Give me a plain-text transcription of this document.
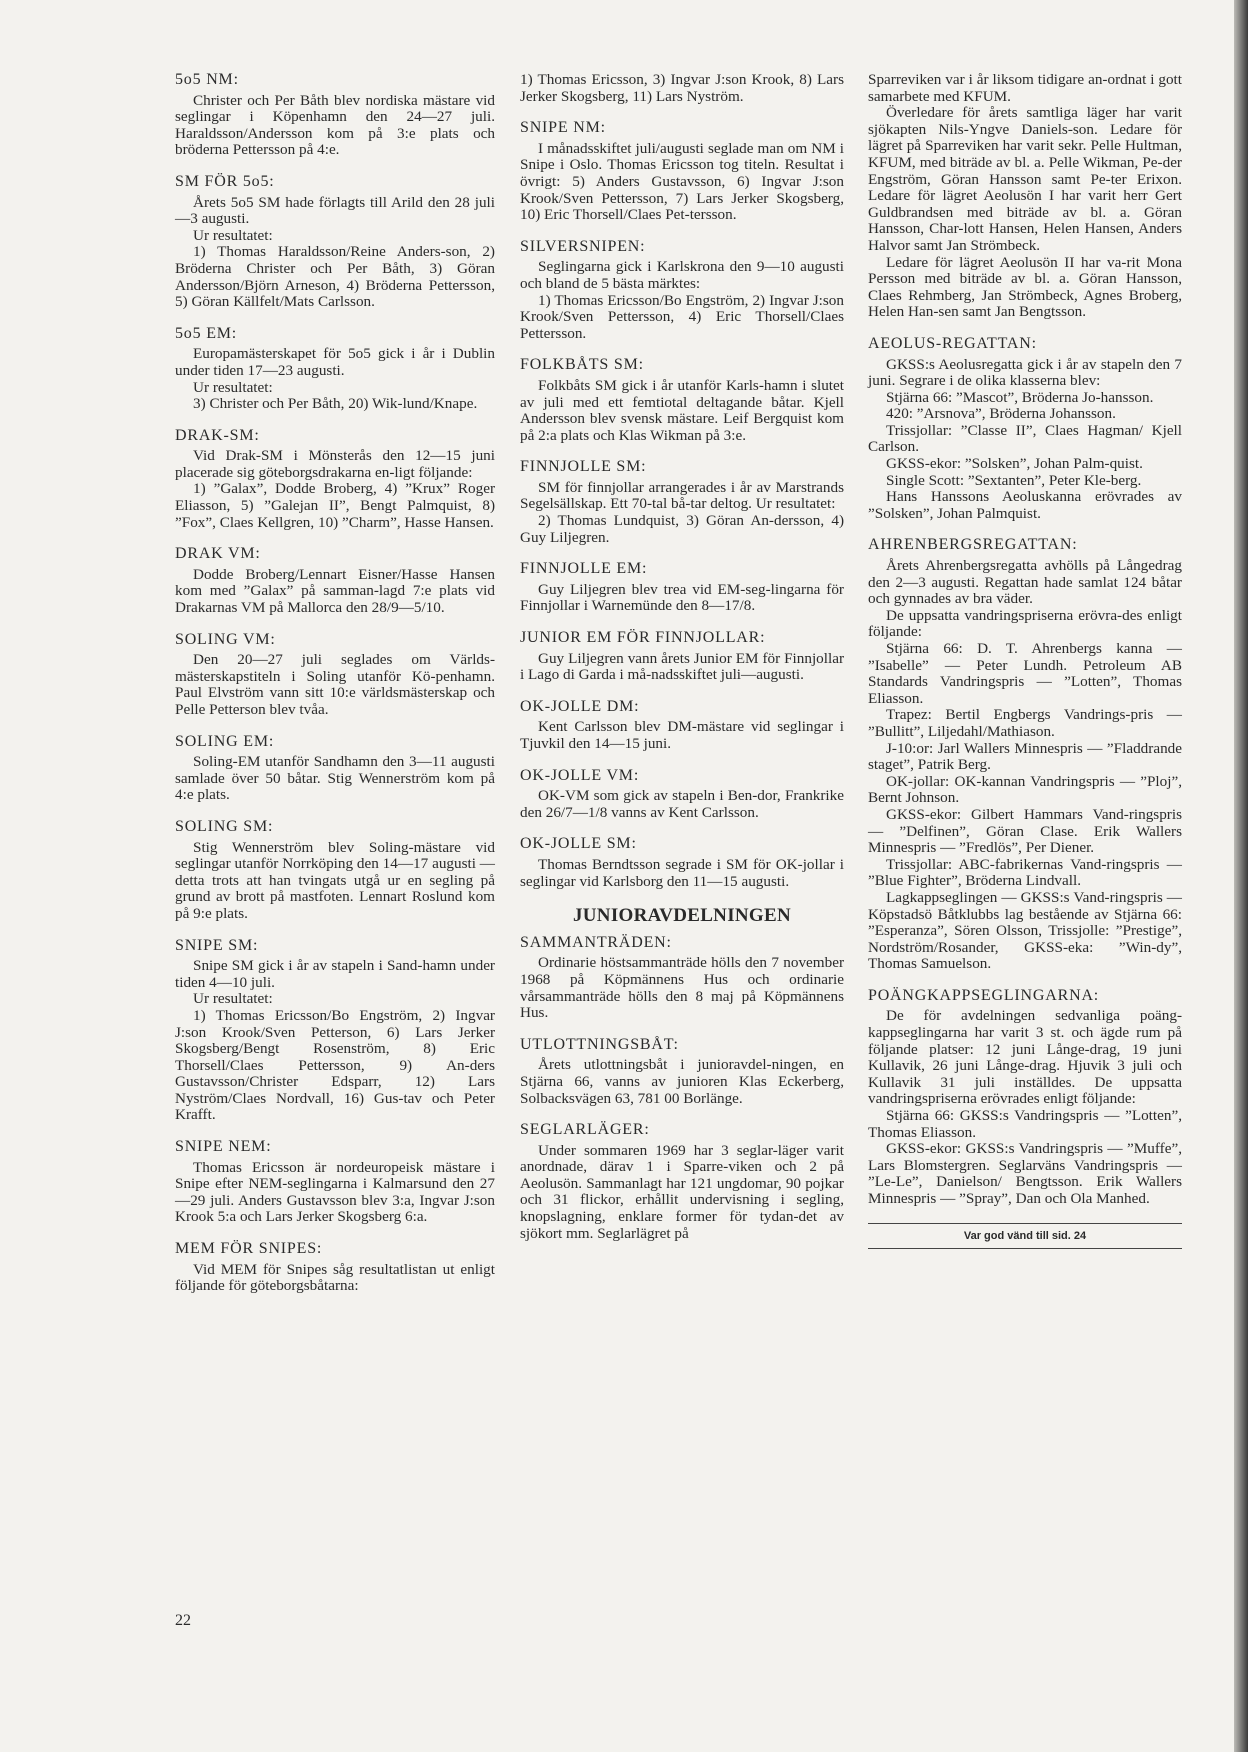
5o5 NM:

Christer och Per Båth blev nordiska mästare vid seglingar i Köpenhamn den 24—27 juli. Haraldsson/Andersson kom på 3:e plats och bröderna Pettersson på 4:e.

SM FÖR 5o5:

Årets 5o5 SM hade förlagts till Arild den 28 juli—3 augusti.

Ur resultatet:

1) Thomas Haraldsson/Reine Anders-son, 2) Bröderna Christer och Per Båth, 3) Göran Andersson/Björn Arneson, 4) Bröderna Pettersson, 5) Göran Källfelt/Mats Carlsson.

5o5 EM:

Europamästerskapet för 5o5 gick i år i Dublin under tiden 17—23 augusti.

Ur resultatet:

3) Christer och Per Båth, 20) Wik-lund/Knape.

DRAK-SM:

Vid Drak-SM i Mönsterås den 12—15 juni placerade sig göteborgsdrakarna en-ligt följande:

1) ”Galax”, Dodde Broberg, 4) ”Krux” Roger Eliasson, 5) ”Galejan II”, Bengt Palmquist, 8) ”Fox”, Claes Kellgren, 10) ”Charm”, Hasse Hansen.

DRAK VM:

Dodde Broberg/Lennart Eisner/Hasse Hansen kom med ”Galax” på samman-lagd 7:e plats vid Drakarnas VM på Mallorca den 28/9—5/10.

SOLING VM:

Den 20—27 juli seglades om Världs-mästerskapstiteln i Soling utanför Kö-penhamn. Paul Elvström vann sitt 10:e världsmästerskap och Pelle Petterson blev tvåa.

SOLING EM:

Soling-EM utanför Sandhamn den 3—11 augusti samlade över 50 båtar. Stig Wennerström kom på 4:e plats.

SOLING SM:

Stig Wennerström blev Soling-mästare vid seglingar utanför Norrköping den 14—17 augusti — detta trots att han tvingats utgå ur en segling på grund av brott på mastfoten. Lennart Roslund kom på 9:e plats.

SNIPE SM:

Snipe SM gick i år av stapeln i Sand-hamn under tiden 4—10 juli.

Ur resultatet:

1) Thomas Ericsson/Bo Engström, 2) Ingvar J:son Krook/Sven Petterson, 6) Lars Jerker Skogsberg/Bengt Rosenström, 8) Eric Thorsell/Claes Pettersson, 9) An-ders Gustavsson/Christer Edsparr, 12) Lars Nyström/Claes Nordvall, 16) Gus-tav och Peter Krafft.

SNIPE NEM:

Thomas Ericsson är nordeuropeisk mästare i Snipe efter NEM-seglingarna i Kalmarsund den 27—29 juli. Anders Gustavsson blev 3:a, Ingvar J:son Krook 5:a och Lars Jerker Skogsberg 6:a.

MEM FÖR SNIPES:

Vid MEM för Snipes såg resultatlistan ut enligt följande för göteborgsbåtarna:

1) Thomas Ericsson, 3) Ingvar J:son Krook, 8) Lars Jerker Skogsberg, 11) Lars Nyström.

SNIPE NM:

I månadsskiftet juli/augusti seglade man om NM i Snipe i Oslo. Thomas Ericsson tog titeln. Resultat i övrigt: 5) Anders Gustavsson, 6) Ingvar J:son Krook/Sven Pettersson, 7) Lars Jerker Skogsberg, 10) Eric Thorsell/Claes Pet-tersson.

SILVERSNIPEN:

Seglingarna gick i Karlskrona den 9—10 augusti och bland de 5 bästa märktes:

1) Thomas Ericsson/Bo Engström, 2) Ingvar J:son Krook/Sven Pettersson, 4) Eric Thorsell/Claes Pettersson.

FOLKBÅTS SM:

Folkbåts SM gick i år utanför Karls-hamn i slutet av juli med ett femtiotal deltagande båtar. Kjell Andersson blev svensk mästare. Leif Bergquist kom på 2:a plats och Klas Wikman på 3:e.

FINNJOLLE SM:

SM för finnjollar arrangerades i år av Marstrands Segelsällskap. Ett 70-tal bå-tar deltog. Ur resultatet:

2) Thomas Lundquist, 3) Göran An-dersson, 4) Guy Liljegren.

FINNJOLLE EM:

Guy Liljegren blev trea vid EM-seg-lingarna för Finnjollar i Warnemünde den 8—17/8.

JUNIOR EM FÖR FINNJOLLAR:

Guy Liljegren vann årets Junior EM för Finnjollar i Lago di Garda i må-nadsskiftet juli—augusti.

OK-JOLLE DM:

Kent Carlsson blev DM-mästare vid seglingar i Tjuvkil den 14—15 juni.

OK-JOLLE VM:

OK-VM som gick av stapeln i Ben-dor, Frankrike den 26/7—1/8 vanns av Kent Carlsson.

OK-JOLLE SM:

Thomas Berndtsson segrade i SM för OK-jollar i seglingar vid Karlsborg den 11—15 augusti.

JUNIORAVDELNINGEN
SAMMANTRÄDEN:

Ordinarie höstsammanträde hölls den 7 november 1968 på Köpmännens Hus och ordinarie vårsammanträde hölls den 8 maj på Köpmännens Hus.

UTLOTTNINGSBÅT:

Årets utlottningsbåt i junioravdel-ningen, en Stjärna 66, vanns av junioren Klas Eckerberg, Solbacksvägen 63, 781 00 Borlänge.

SEGLARLÄGER:

Under sommaren 1969 har 3 seglar-läger varit anordnade, därav 1 i Sparre-viken och 2 på Aeolusön. Sammanlagt har 121 ungdomar, 90 pojkar och 31 flickor, erhållit undervisning i segling, knopslagning, enklare former för tydan-det av sjökort mm. Seglarlägret på

Sparreviken var i år liksom tidigare an-ordnat i gott samarbete med KFUM.

Överledare för årets samtliga läger har varit sjökapten Nils-Yngve Daniels-son. Ledare för lägret på Sparreviken har varit sekr. Pelle Hultman, KFUM, med biträde av bl. a. Pelle Wikman, Pe-der Engström, Göran Hansson samt Pe-ter Erixon. Ledare för lägret Aeolusön I har varit herr Gert Guldbrandsen med biträde av bl. a. Göran Hansson, Char-lott Hansen, Helen Hansen, Anders Halvor samt Jan Strömbeck.

Ledare för lägret Aeolusön II har va-rit Mona Persson med biträde av bl. a. Göran Hansson, Claes Rehmberg, Jan Strömbeck, Agnes Broberg, Helen Han-sen samt Jan Bengtsson.

AEOLUS-REGATTAN:

GKSS:s Aeolusregatta gick i år av stapeln den 7 juni. Segrare i de olika klasserna blev:

Stjärna 66: ”Mascot”, Bröderna Jo-hansson.

420: ”Arsnova”, Bröderna Johansson.

Trissjollar: ”Classe II”, Claes Hagman/ Kjell Carlson.

GKSS-ekor: ”Solsken”, Johan Palm-quist.

Single Scott: ”Sextanten”, Peter Kle-berg.

Hans Hanssons Aeoluskanna erövrades av ”Solsken”, Johan Palmquist.

AHRENBERGSREGATTAN:

Årets Ahrenbergsregatta avhölls på Långedrag den 2—3 augusti. Regattan hade samlat 124 båtar och gynnades av bra väder.

De uppsatta vandringspriserna erövra-des enligt följande:

Stjärna 66: D. T. Ahrenbergs kanna — ”Isabelle” — Peter Lundh. Petroleum AB Standards Vandringspris — ”Lotten”, Thomas Eliasson.

Trapez: Bertil Engbergs Vandrings-pris — ”Bullitt”, Liljedahl/Mathiason.

J-10:or: Jarl Wallers Minnespris — ”Fladdrande staget”, Patrik Berg.

OK-jollar: OK-kannan Vandringspris — ”Ploj”, Bernt Johnson.

GKSS-ekor: Gilbert Hammars Vand-ringspris — ”Delfinen”, Göran Clase. Erik Wallers Minnespris — ”Fredlös”, Per Diener.

Trissjollar: ABC-fabrikernas Vand-ringspris — ”Blue Fighter”, Bröderna Lindvall.

Lagkappseglingen — GKSS:s Vand-ringspris — Köpstadsö Båtklubbs lag bestående av Stjärna 66: ”Esperanza”, Sören Olsson, Trissjolle: ”Prestige”, Nordström/Rosander, GKSS-eka: ”Win-dy”, Thomas Samuelson.

POÄNGKAPPSEGLINGARNA:

De för avdelningen sedvanliga poäng-kappseglingarna har varit 3 st. och ägde rum på följande platser: 12 juni Långe-drag, 19 juni Kullavik, 26 juni Långe-drag. Hjuvik 3 juli och Kullavik 31 juli inställdes. De uppsatta vandringspriserna erövrades enligt följande:

Stjärna 66: GKSS:s Vandringspris — ”Lotten”, Thomas Eliasson.

GKSS-ekor: GKSS:s Vandringspris — ”Muffe”, Lars Blomstergren. Seglarväns Vandringspris — ”Le-Le”, Danielson/ Bengtsson. Erik Wallers Minnespris — ”Spray”, Dan och Ola Manhed.

Var god vänd till sid. 24
22
